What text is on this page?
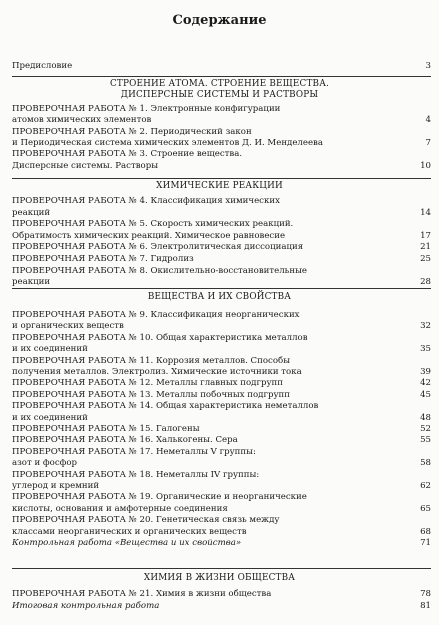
Содержание
Предисловие	3
СТРОЕНИЕ АТОМА. СТРОЕНИЕ ВЕЩЕСТВА.
ДИСПЕРСНЫЕ СИСТЕМЫ И РАСТВОРЫ
ПРОВЕРОЧНАЯ РАБОТА № 1. Электронные конфигурации
атомов химических элементов	4
ПРОВЕРОЧНАЯ РАБОТА № 2. Периодический закон
и Периодическая система химических элементов Д. И. Менделеева	7
ПРОВЕРОЧНАЯ РАБОТА № 3. Строение вещества.
Дисперсные системы. Растворы	10
ХИМИЧЕСКИЕ РЕАКЦИИ
ПРОВЕРОЧНАЯ РАБОТА № 4. Классификация химических
реакций	14
ПРОВЕРОЧНАЯ РАБОТА № 5. Скорость химических реакций.
Обратимость химических реакций. Химическое равновесие	17
ПРОВЕРОЧНАЯ РАБОТА № 6. Электролитическая диссоциация	21
ПРОВЕРОЧНАЯ РАБОТА № 7. Гидролиз	25
ПРОВЕРОЧНАЯ РАБОТА № 8. Окислительно-восстановительные
реакции	28
ВЕЩЕСТВА И ИХ СВОЙСТВА
ПРОВЕРОЧНАЯ РАБОТА № 9. Классификация неорганических
и органических веществ	32
ПРОВЕРОЧНАЯ РАБОТА № 10. Общая характеристика металлов
и их соединений	35
ПРОВЕРОЧНАЯ РАБОТА № 11. Коррозия металлов. Способы
получения металлов. Электролиз. Химические источники тока	39
ПРОВЕРОЧНАЯ РАБОТА № 12. Металлы главных подгрупп	42
ПРОВЕРОЧНАЯ РАБОТА № 13. Металлы побочных подгрупп	45
ПРОВЕРОЧНАЯ РАБОТА № 14. Общая характеристика неметаллов
и их соединений	48
ПРОВЕРОЧНАЯ РАБОТА № 15. Галогены	52
ПРОВЕРОЧНАЯ РАБОТА № 16. Халькогены. Сера	55
ПРОВЕРОЧНАЯ РАБОТА № 17. Неметаллы V группы:
азот и фосфор	58
ПРОВЕРОЧНАЯ РАБОТА № 18. Неметаллы IV группы:
углерод и кремний	62
ПРОВЕРОЧНАЯ РАБОТА № 19. Органические и неорганические
кислоты, основания и амфотерные соединения	65
ПРОВЕРОЧНАЯ РАБОТА № 20. Генетическая связь между
классами неорганических и органических веществ	68
Контрольная работа «Вещества и их свойства»	71
ХИМИЯ В ЖИЗНИ ОБЩЕСТВА
ПРОВЕРОЧНАЯ РАБОТА № 21. Химия в жизни общества	78
Итоговая контрольная работа	81
